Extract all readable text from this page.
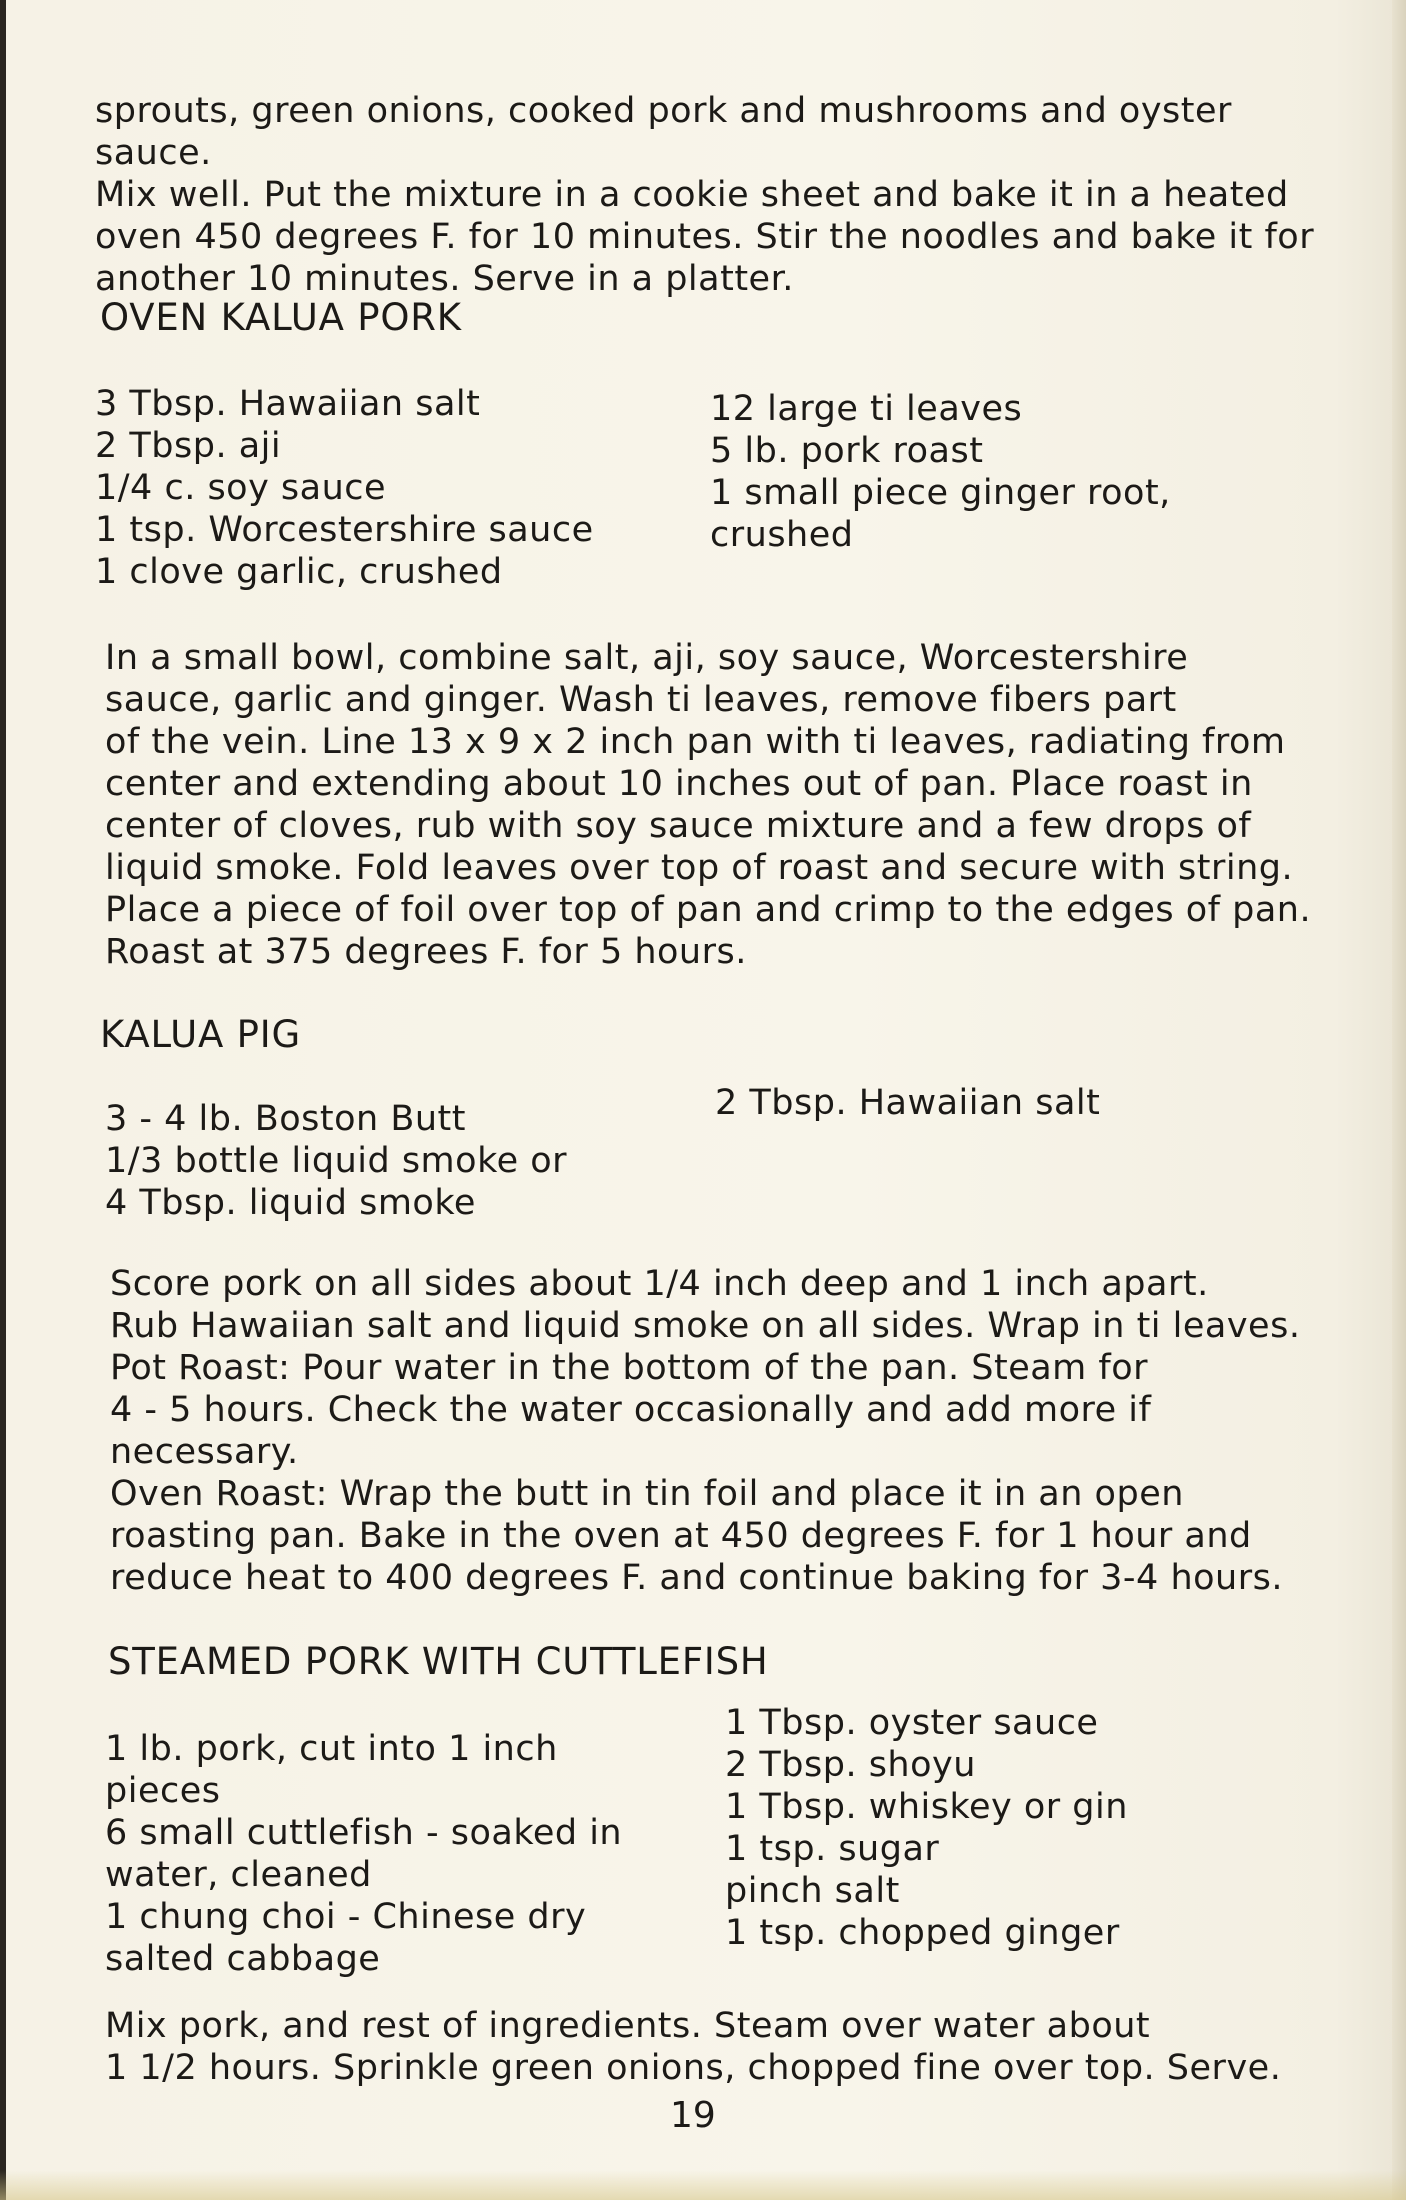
sprouts, green onions, cooked pork and mushrooms and oyster sauce.
Mix well. Put the mixture in a cookie sheet and bake it in a heated
oven 450 degrees F. for 10 minutes. Stir the noodles and bake it for
another 10 minutes. Serve in a platter.
OVEN KALUA PORK
3 Tbsp. Hawaiian salt
2 Tbsp. aji
1/4 c. soy sauce
1 tsp. Worcestershire sauce
1 clove garlic, crushed
12 large ti leaves
5 lb. pork roast
1 small piece ginger root,
crushed
In a small bowl, combine salt, aji, soy sauce, Worcestershire
sauce, garlic and ginger. Wash ti leaves, remove fibers part
of the vein. Line 13 x 9 x 2 inch pan with ti leaves, radiating from
center and extending about 10 inches out of pan. Place roast in
center of cloves, rub with soy sauce mixture and a few drops of
liquid smoke. Fold leaves over top of roast and secure with string.
Place a piece of foil over top of pan and crimp to the edges of pan.
Roast at 375 degrees F. for 5 hours.
KALUA PIG
3 - 4 lb. Boston Butt
1/3 bottle liquid smoke or
4 Tbsp. liquid smoke
2 Tbsp. Hawaiian salt
Score pork on all sides about 1/4 inch deep and 1 inch apart.
Rub Hawaiian salt and liquid smoke on all sides. Wrap in ti leaves.
Pot Roast: Pour water in the bottom of the pan. Steam for
4 - 5 hours. Check the water occasionally and add more if
necessary.
Oven Roast: Wrap the butt in tin foil and place it in an open
roasting pan. Bake in the oven at 450 degrees F. for 1 hour and
reduce heat to 400 degrees F. and continue baking for 3-4 hours.
STEAMED PORK WITH CUTTLEFISH
1 lb. pork, cut into 1 inch
pieces
6 small cuttlefish - soaked in
water, cleaned
1 chung choi - Chinese dry
salted cabbage
1 Tbsp. oyster sauce
2 Tbsp. shoyu
1 Tbsp. whiskey or gin
1 tsp. sugar
pinch salt
1 tsp. chopped ginger
Mix pork, and rest of ingredients. Steam over water about
1 1/2 hours. Sprinkle green onions, chopped fine over top. Serve.
19
